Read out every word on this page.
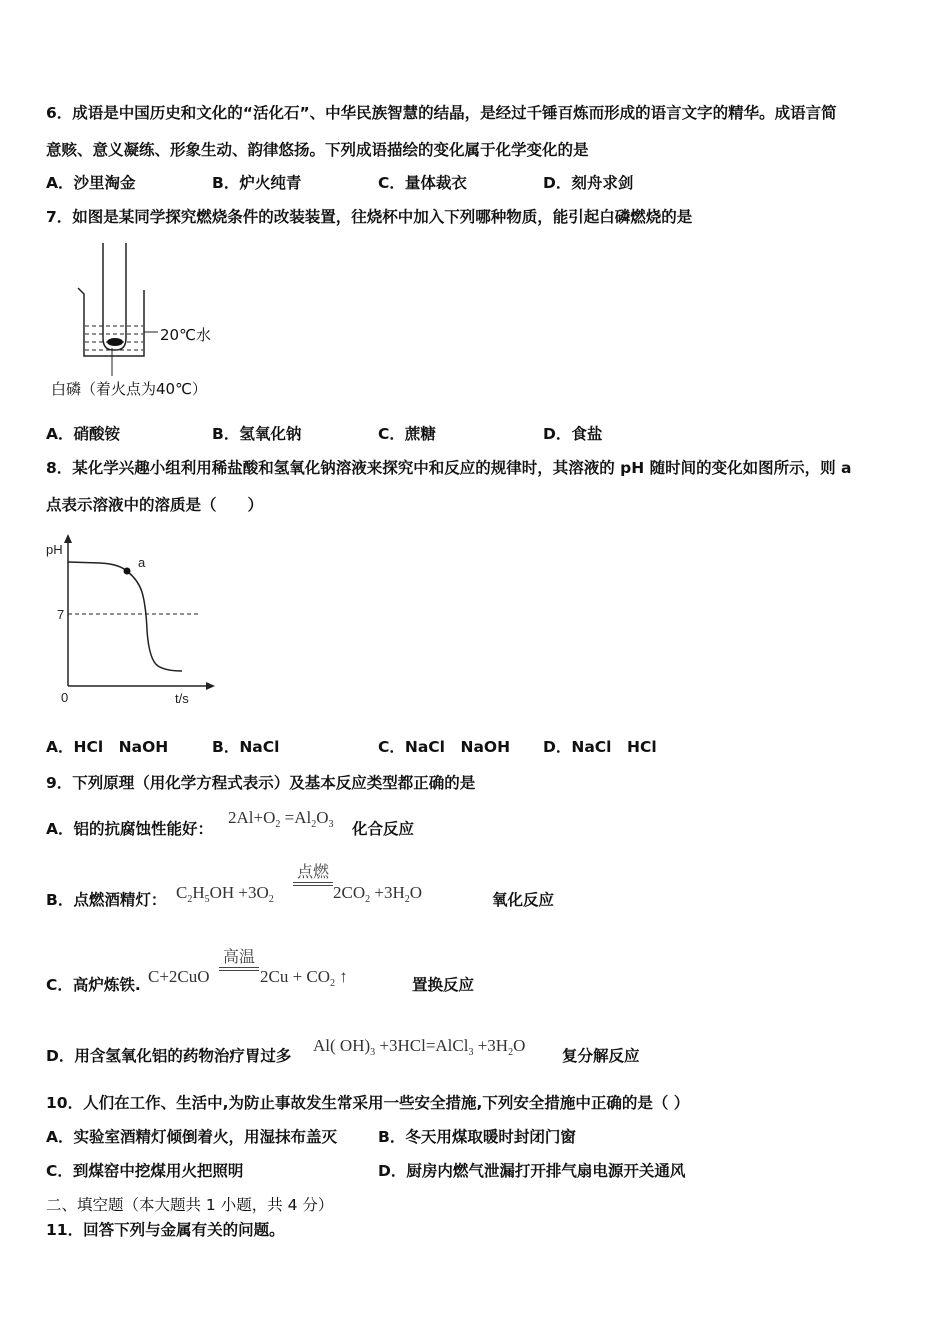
6．成语是中国历史和文化的“活化石”、中华民族智慧的结晶，是经过千锤百炼而形成的语言文字的精华。成语言简
意赅、意义凝练、形象生动、韵律悠扬。下列成语描绘的变化属于化学变化的是
A．沙里淘金	B．炉火纯青	C．量体裁衣	D．刻舟求剑
7．如图是某同学探究燃烧条件的改装装置，往烧杯中加入下列哪种物质，能引起白磷燃烧的是
20℃水
白磷（着火点为40℃）
A．硝酸铵	B．氢氧化钠	C．蔗糖	D．食盐
8．某化学兴趣小组利用稀盐酸和氢氧化钠溶液来探究中和反应的规律时，其溶液的 pH 随时间的变化如图所示，则 a
点表示溶液中的溶质是（　　）
a
pH
7
0	t/s
A．HCl　NaOH	B．NaCl	C．NaCl　NaOH D．NaCl　HCl
9．下列原理（用化学方程式表示）及基本反应类型都正确的是
A．铝的抗腐蚀性能好：
$2Al+O_2 =Al_2O_3$ 化合反应
B．点燃酒精灯： $C_2H_5OH +3O_2$
点燃
$2CO_2 +3H_2O$	氧化反应
C．高炉炼铁. C+2CuO
高温
$2Cu + CO_2$ ↑	置换反应
D．用含氢氧化铝的药物治疗胃过多
Al( $OH)_3$ +3HCl=AlCl$_3$ $+3H_2O$
复分解反应
10．人们在工作、生活中,为防止事故发生常采用一些安全措施,下列安全措施中正确的是（ ）
A．实验室酒精灯倾倒着火，用湿抹布盖灭	B．冬天用煤取暖时封闭门窗
C．到煤窑中挖煤用火把照明	D．厨房内燃气泄漏打开排气扇电源开关通风
二、填空题（本大题共 1 小题，共 4 分）
11．回答下列与金属有关的问题。
